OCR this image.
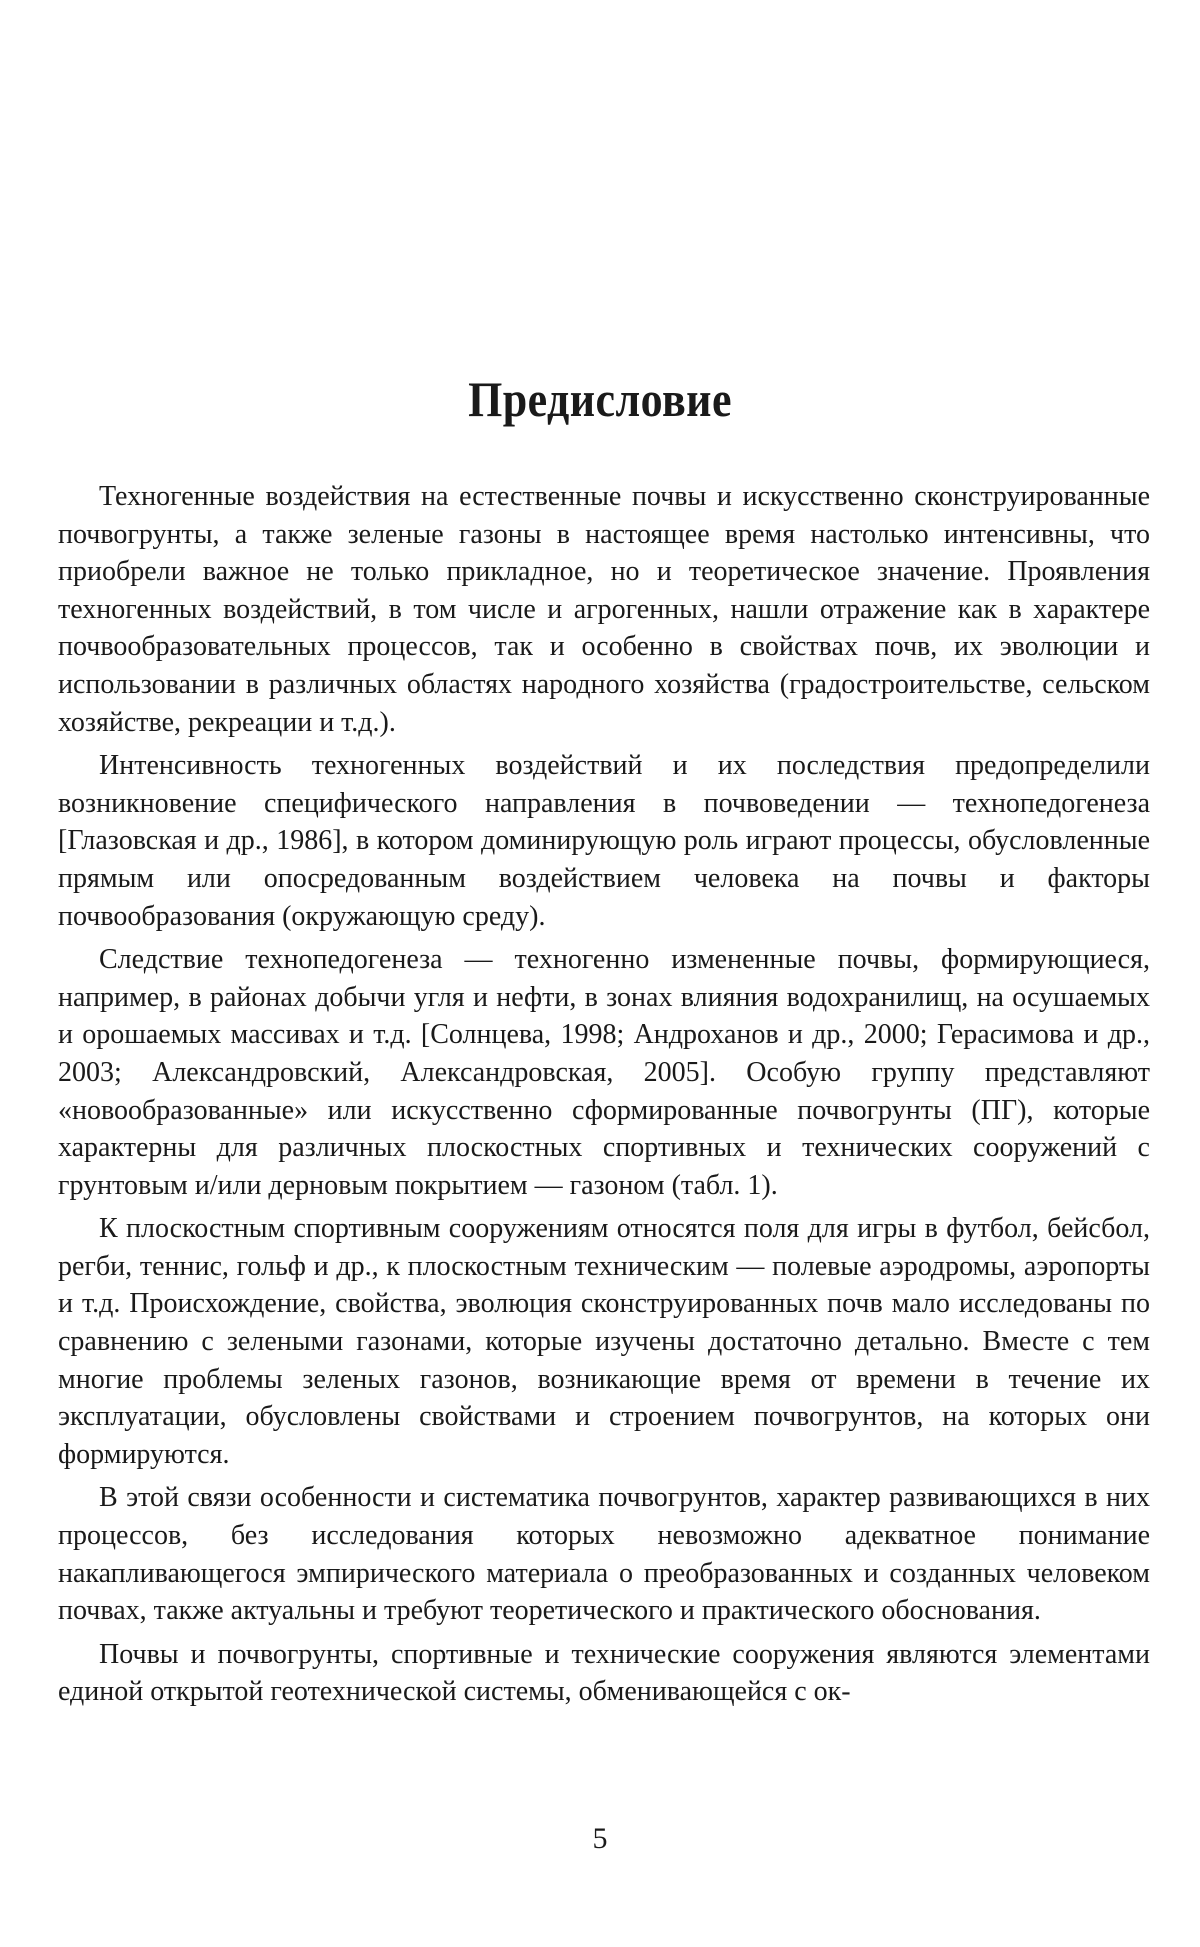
Предисловие

Техногенные воздействия на естественные почвы и искусственно сконструированные почвогрунты, а также зеленые газоны в настоящее время настолько интенсивны, что приобрели важное не только прикладное, но и теоретическое значение. Проявления техногенных воздействий, в том числе и агрогенных, нашли отражение как в характере почвообразовательных процессов, так и особенно в свойствах почв, их эволюции и использовании в различных областях народного хозяйства (градостроительстве, сельском хозяйстве, рекреации и т.д.).

Интенсивность техногенных воздействий и их последствия предопределили возникновение специфического направления в почвоведении — технопедогенеза [Глазовская и др., 1986], в котором доминирующую роль играют процессы, обусловленные прямым или опосредованным воздействием человека на почвы и факторы почвообразования (окружающую среду).

Следствие технопедогенеза — техногенно измененные почвы, формирующиеся, например, в районах добычи угля и нефти, в зонах влияния водохранилищ, на осушаемых и орошаемых массивах и т.д. [Солнцева, 1998; Андроханов и др., 2000; Герасимова и др., 2003; Александровский, Александровская, 2005]. Особую группу представляют «новообразованные» или искусственно сформированные почвогрунты (ПГ), которые характерны для различных плоскостных спортивных и технических сооружений с грунтовым и/или дерновым покрытием — газоном (табл. 1).

К плоскостным спортивным сооружениям относятся поля для игры в футбол, бейсбол, регби, теннис, гольф и др., к плоскостным техническим — полевые аэродромы, аэропорты и т.д. Происхождение, свойства, эволюция сконструированных почв мало исследованы по сравнению с зелеными газонами, которые изучены достаточно детально. Вместе с тем многие проблемы зеленых газонов, возникающие время от времени в течение их эксплуатации, обусловлены свойствами и строением почвогрунтов, на которых они формируются.

В этой связи особенности и систематика почвогрунтов, характер развивающихся в них процессов, без исследования которых невозможно адекватное понимание накапливающегося эмпирического материала о преобразованных и созданных человеком почвах, также актуальны и требуют теоретического и практического обоснования.

Почвы и почвогрунты, спортивные и технические сооружения являются элементами единой открытой геотехнической системы, обменивающейся с ок-

5
